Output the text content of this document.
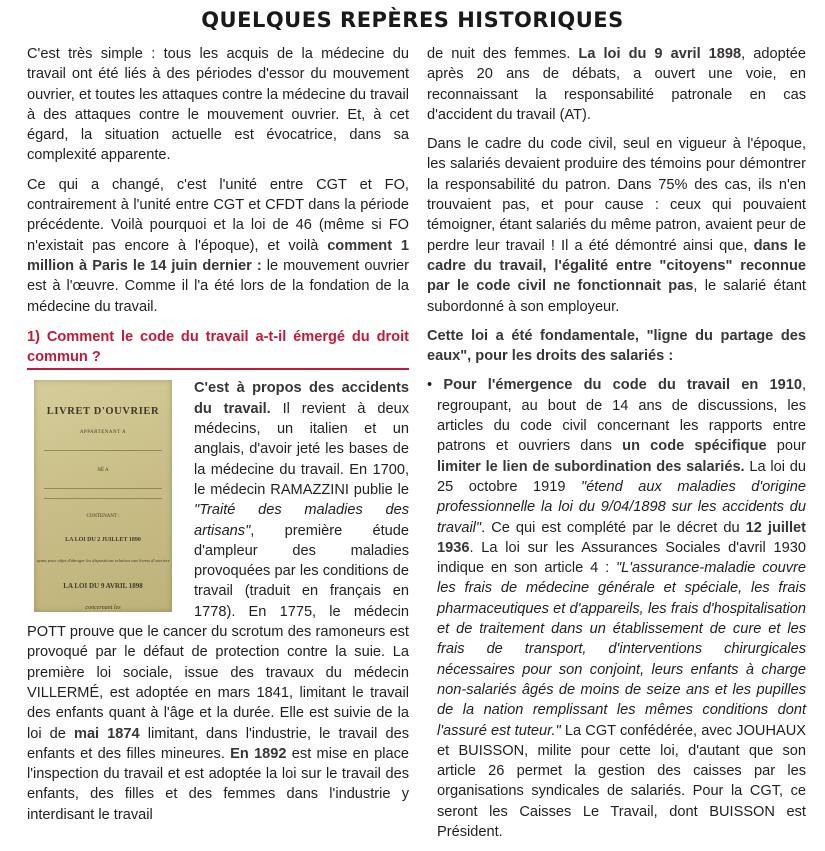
QUELQUES REPÈRES HISTORIQUES

C'est très simple : tous les acquis de la médecine du travail ont été liés à des périodes d'essor du mouvement ouvrier, et toutes les attaques contre la médecine du travail à des attaques contre le mouvement ouvrier. Et, à cet égard, la situation actuelle est évocatrice, dans sa complexité apparente.

Ce qui a changé, c'est l'unité entre CGT et FO, contrairement à l'unité entre CGT et CFDT dans la période précédente. Voilà pourquoi et la loi de 46 (même si FO n'existait pas encore à l'époque), et voilà comment 1 million à Paris le 14 juin dernier : le mouvement ouvrier est à l'œuvre. Comme il l'a été lors de la fondation de la médecine du travail.

1) Comment le code du travail a-t-il émergé du droit commun ?
LIVRET D'OUVRIER
APPARTENANT A
NÉ A
CONTENANT :
LA LOI DU 2 JUILLET 1890
ayant pour objet d'abroger les dispositions relatives aux livrets d'ouvriers
LA LOI DU 9 AVRIL 1898
concernant les

C'est à propos des accidents du travail. Il revient à deux médecins, un italien et un anglais, d'avoir jeté les bases de la médecine du travail. En 1700, le médecin RAMAZZINI publie le "Traité des maladies des artisans", première étude d'ampleur des maladies provoquées par les conditions de travail (traduit en français en 1778). En 1775, le médecin POTT prouve que le cancer du scrotum des ramoneurs est provoqué par le défaut de protection contre la suie. La première loi sociale, issue des travaux du médecin VILLERMÉ, est adoptée en mars 1841, limitant le travail des enfants quant à l'âge et la durée. Elle est suivie de la loi de mai 1874 limitant, dans l'industrie, le travail des enfants et des filles mineures. En 1892 est mise en place l'inspection du travail et est adoptée la loi sur le travail des enfants, des filles et des femmes dans l'industrie y interdisant le travail

de nuit des femmes. La loi du 9 avril 1898, adoptée après 20 ans de débats, a ouvert une voie, en reconnaissant la responsabilité patronale en cas d'accident du travail (AT).

Dans le cadre du code civil, seul en vigueur à l'époque, les salariés devaient produire des témoins pour démontrer la responsabilité du patron. Dans 75% des cas, ils n'en trouvaient pas, et pour cause : ceux qui pouvaient témoigner, étant salariés du même patron, avaient peur de perdre leur travail ! Il a été démontré ainsi que, dans le cadre du travail, l'égalité entre "citoyens" reconnue par le code civil ne fonctionnait pas, le salarié étant subordonné à son employeur.

Cette loi a été fondamentale, "ligne du partage des eaux", pour les droits des salariés :

• Pour l'émergence du code du travail en 1910, regroupant, au bout de 14 ans de discussions, les articles du code civil concernant les rapports entre patrons et ouvriers dans un code spécifique pour limiter le lien de subordination des salariés. La loi du 25 octobre 1919 "étend aux maladies d'origine professionnelle la loi du 9/04/1898 sur les accidents du travail". Ce qui est complété par le décret du 12 juillet 1936. La loi sur les Assurances Sociales d'avril 1930 indique en son article 4 : "L'assurance-maladie couvre les frais de médecine générale et spéciale, les frais pharmaceutiques et d'appareils, les frais d'hospitalisation et de traitement dans un établissement de cure et les frais de transport, d'interventions chirurgicales nécessaires pour son conjoint, leurs enfants à charge non-salariés âgés de moins de seize ans et les pupilles de la nation remplissant les mêmes conditions dont l'assuré est tuteur." La CGT confédérée, avec JOUHAUX et BUISSON, milite pour cette loi, d'autant que son article 26 permet la gestion des caisses par les organisations syndicales de salariés. Pour la CGT, ce seront les Caisses Le Travail, dont BUISSON est Président.
